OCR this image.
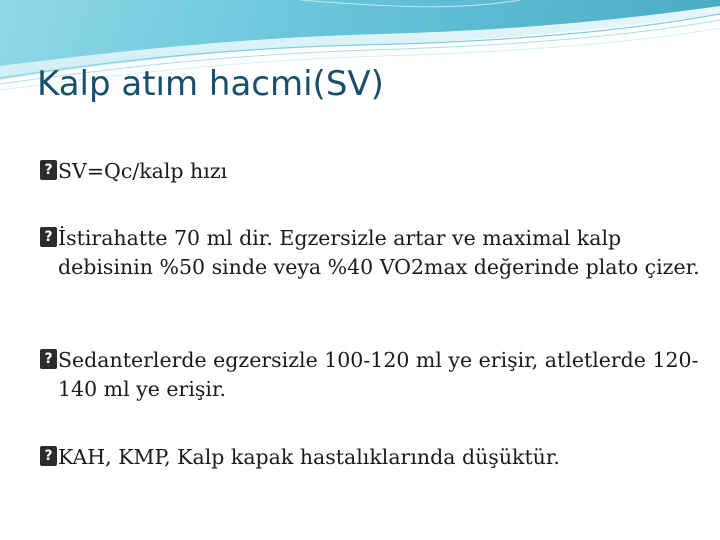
Kalp atım hacmi(SV)
?
SV=Qc/kalp hızı
?
İstirahatte 70 ml dir. Egzersizle artar ve maximal kalp debisinin %50 sinde veya %40 VO2max değerinde plato çizer.
?
Sedanterlerde egzersizle 100-120 ml ye erişir, atletlerde 120-140 ml ye erişir.
?
KAH, KMP, Kalp kapak hastalıklarında düşüktür.
